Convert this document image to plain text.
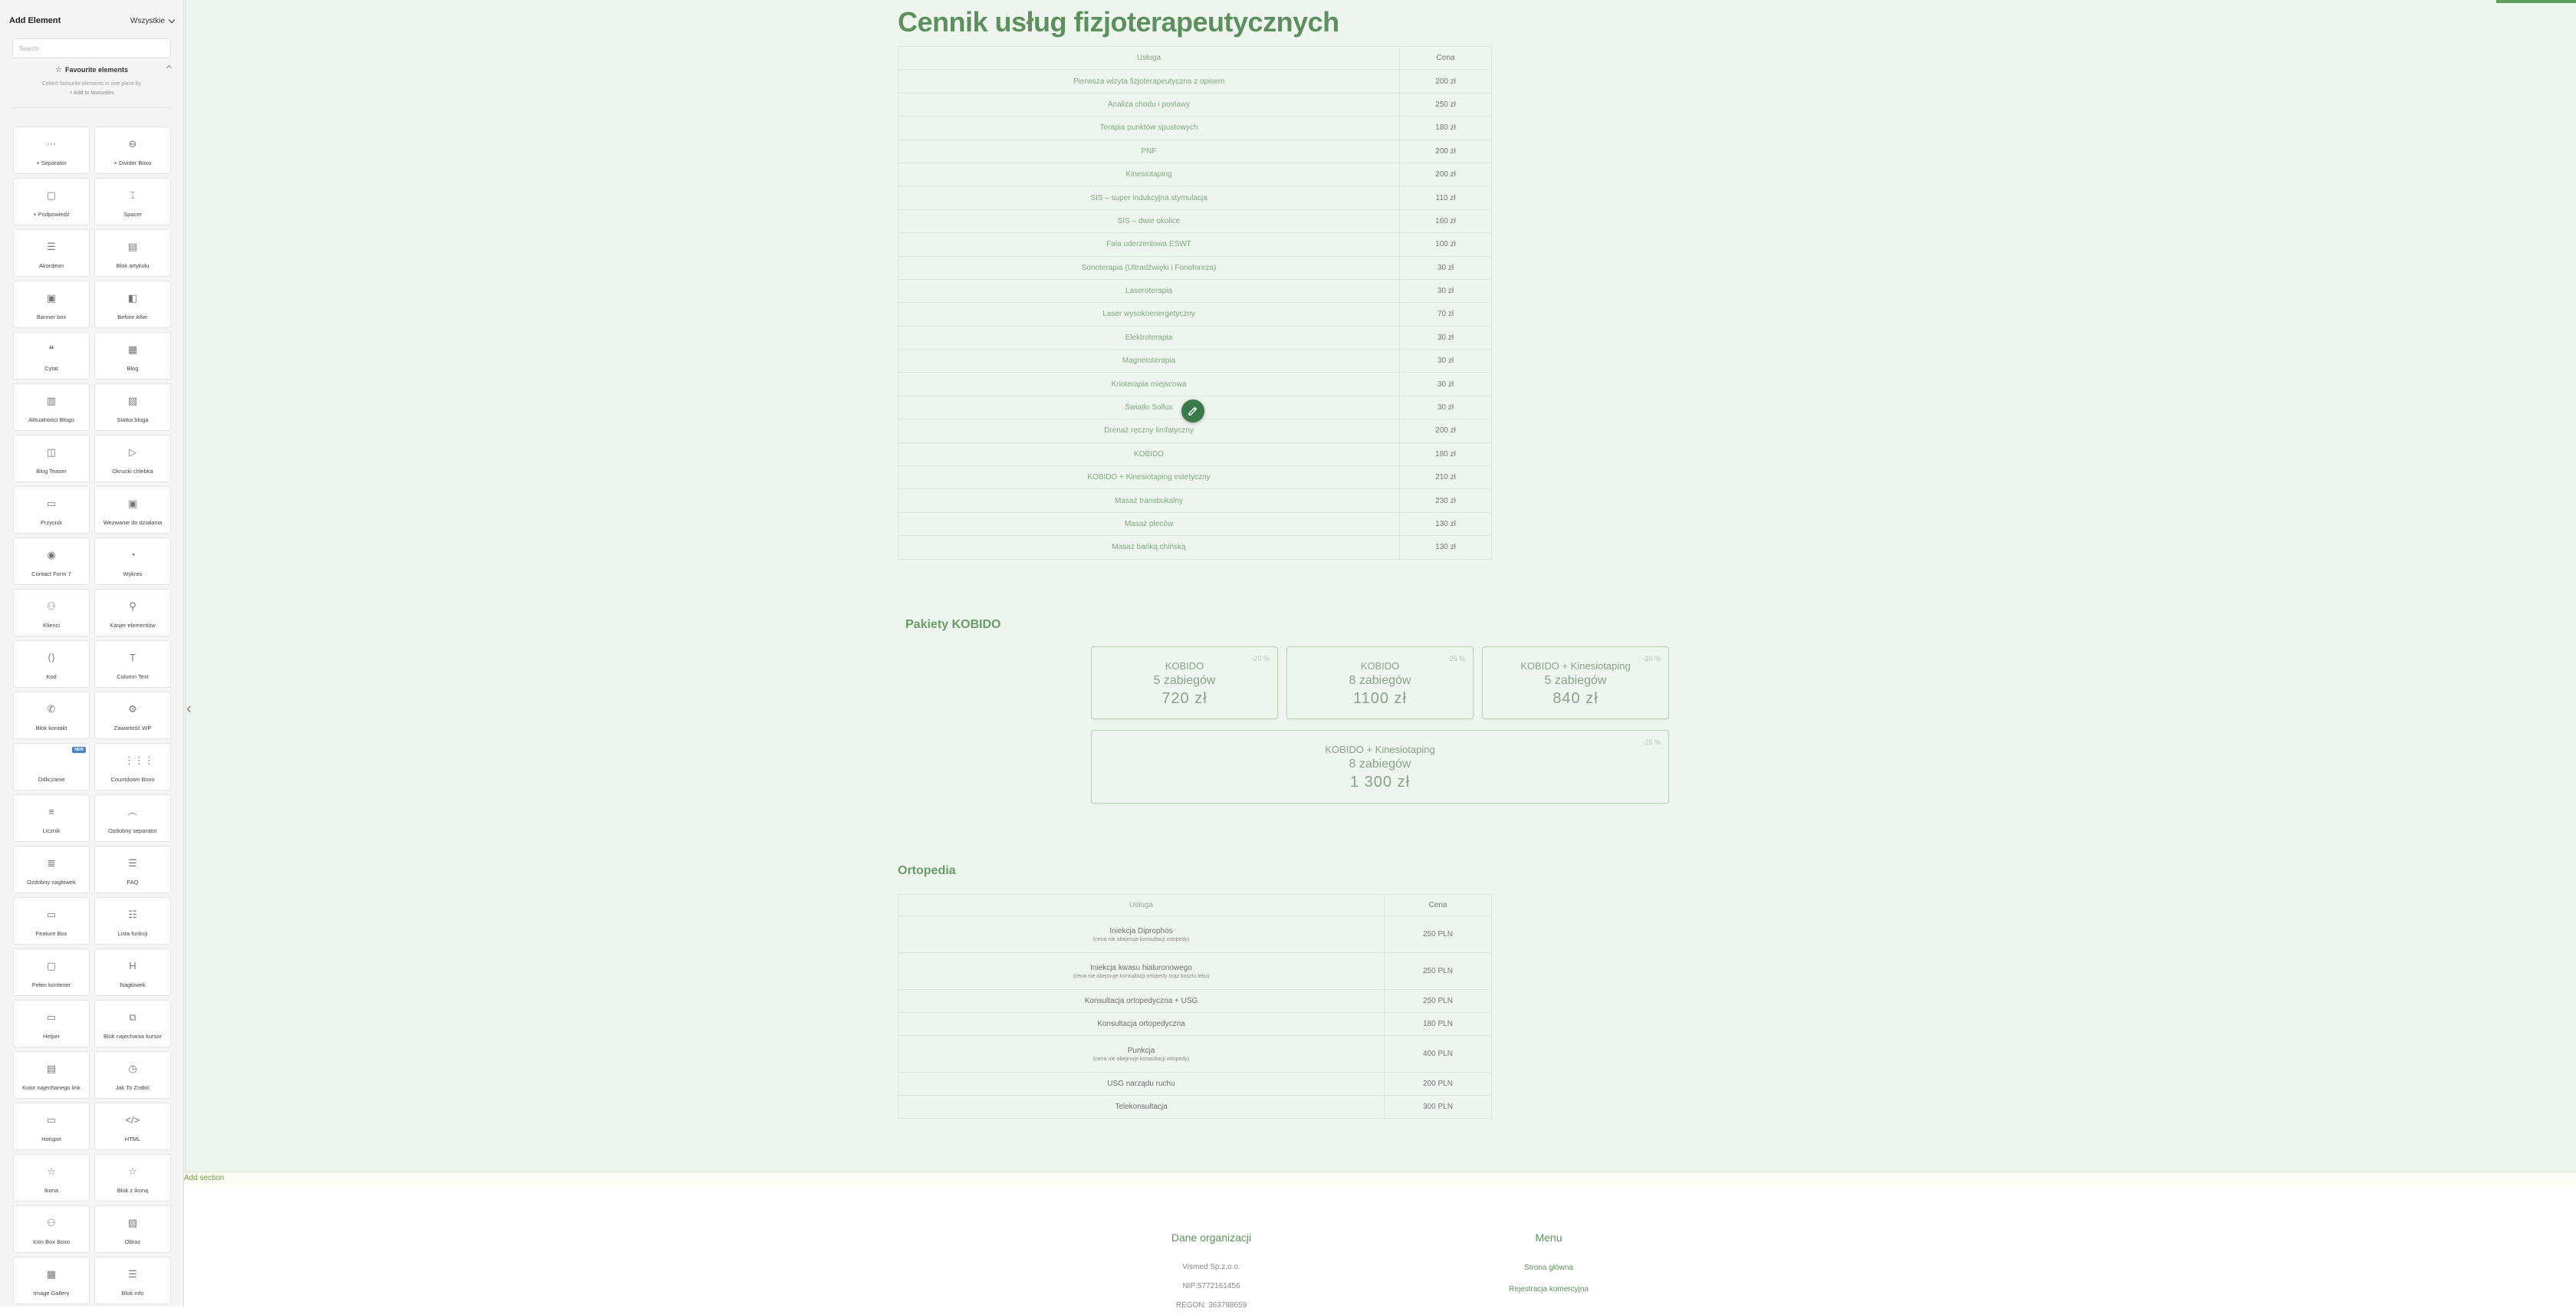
Add Element	Wszystkie
Search
☆ Favourite elements
Collect favourite elements in one place by
+ Add to favourites
⋯
+ Separator
⊖
+ Divider Boxo
▢
+ Podpowiedź
⌶
Spacer
☰
Akordeon
▤
Blok artykułu
▣
Banner box
◧
Before After
❝
Cytat
▦
Blog
▥
Aktualności Blogo
▧
Siatka bloga
◫
Blog Teaser
▷
Okrucki chlebka
▭
Przycisk
▣
Wezwanie do działania
◉
Contact Form 7
◔
Wykres
⚇
Klienci
⚲
Kasjer elementów
⟨⟩
Kod
T
Column Text
✆
Blok kontakt
⚙
Zawartość WP
NEW
Odliczanie
⋮⋮⋮
Countdown Boxo
≡
Licznik
︵
Ozdobny separator
≣
Ozdobny nagłówek
☰
FAQ
▭
Feature Box
☷
Lista funkcji
▢
Pełen kontener
H
Nagłówek
▭
Helper
⧉
Blok najechania kursor
▤
Kolor najechanego link
◷
Jak To Zrobić
▭
Hotspot
</>
HTML
☆
Ikona
☆
Blok z ikoną
⚇
Icon Box Boxo
▨
Obraz
▦
Image Gallery
☰
Blok info
Cennik usług fizjoterapeutycznych
Usługa	Cena
Pierwsza wizyta fizjoterapeutyczna z opisem	200 zł
Analiza chodu i postawy	250 zł
Terapia punktów spustowych	180 zł
PNF	200 zł
Kinesiotaping	200 zł
SIS – super indukcyjna stymulacja	110 zł
SIS – dwie okolice	160 zł
Fala uderzeniowa ESWT	100 zł
Sonoterapia (Ultradźwięki i Fonoforeza)	30 zł
Laseroterapia	30 zł
Laser wysokoenergetyczny	70 zł
Elektroterapia	30 zł
Magnetoterapia	30 zł
Krioterapia miejscowa	30 zł
Światło Sollux	30 zł
Drenaż ręczny limfatyczny	200 zł
KOBIDO	180 zł
KOBIDO + Kinesiotaping estetyczny	210 zł
Masaż transbukalny	230 zł
Masaż pleców	130 zł
Masaż bańką chińską	130 zł
Pakiety KOBIDO
-20 %
KOBIDO
5 zabiegów
720 zł
-25 %
KOBIDO
8 zabiegów
1100 zł
-20 %
KOBIDO + Kinesiotaping
5 zabiegów
840 zł
-25 %
KOBIDO + Kinesiotaping
8 zabiegów
1 300 zł
Ortopedia
Usługa	Cena

Iniekcja Diprophos
(cena nie obejmuje konsultacji ortopedy)	250 PLN

Iniekcja kwasu hialuronowego
(cena nie obejmuje konsultacji ortopedy oraz kosztu leku)	250 PLN

Konsultacja ortopedyczna + USG	250 PLN

Konsultacja ortopedyczna	180 PLN

Punkcja
(cena nie obejmuje konsultacji ortopedy)	400 PLN

USG narządu ruchu	200 PLN

Telekonsultacja	300 PLN
Add section
Dane organizacji
Vismed Sp.z.o.o.
NIP:5772161456
REGON: 363798659
Menu
Strona główna
Rejestracja komercyjna
